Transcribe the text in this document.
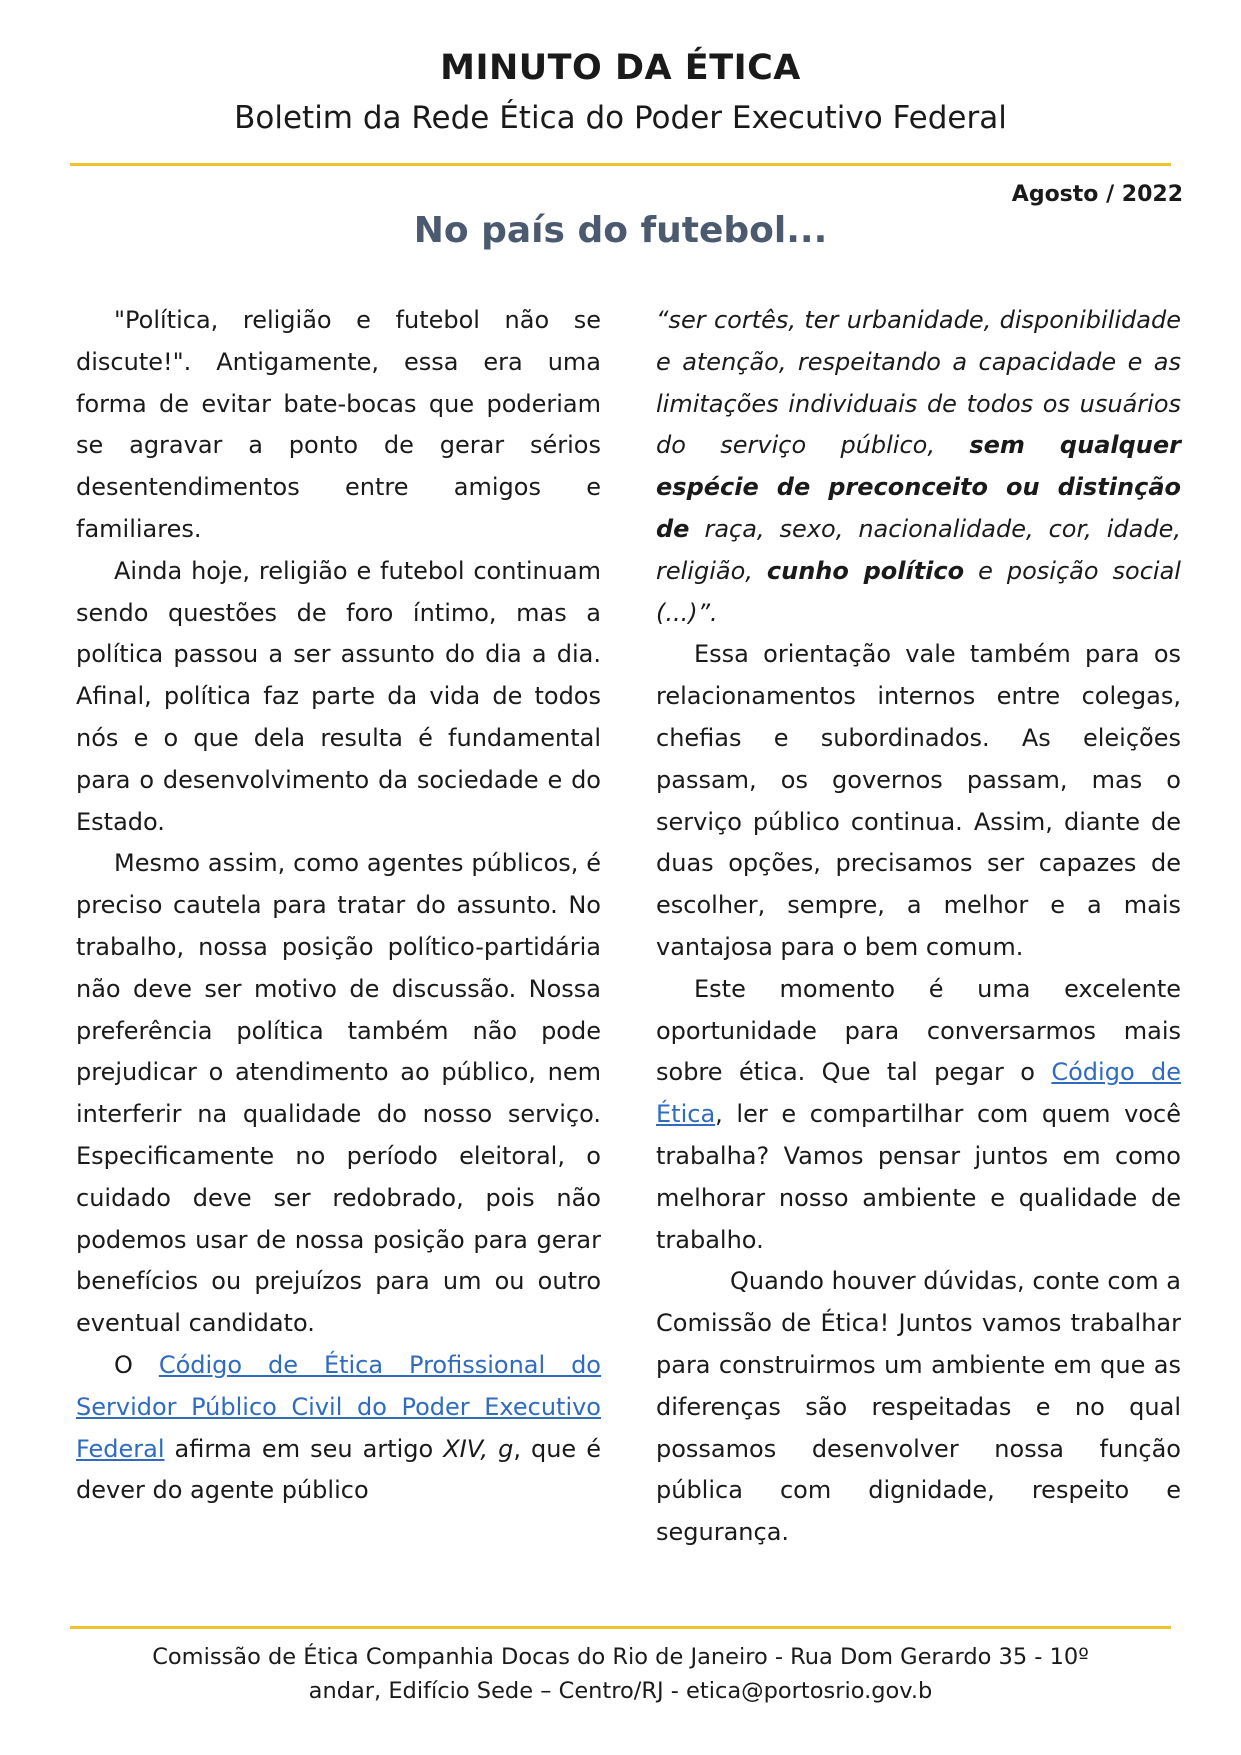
MINUTO DA ÉTICA
Boletim da Rede Ética do Poder Executivo Federal
Agosto / 2022
No país do futebol...

"Política, religião e futebol não se discute!". Antigamente, essa era uma forma de evitar bate-bocas que poderiam se agravar a ponto de gerar sérios desentendimentos entre amigos e familiares.

Ainda hoje, religião e futebol continuam sendo questões de foro íntimo, mas a política passou a ser assunto do dia a dia. Afinal, política faz parte da vida de todos nós e o que dela resulta é fundamental para o desenvolvimento da sociedade e do Estado.

Mesmo assim, como agentes públicos, é preciso cautela para tratar do assunto. No trabalho, nossa posição político-partidária não deve ser motivo de discussão. Nossa preferência política também não pode prejudicar o atendimento ao público, nem interferir na qualidade do nosso serviço. Especificamente no período eleitoral, o cuidado deve ser redobrado, pois não podemos usar de nossa posição para gerar benefícios ou prejuízos para um ou outro eventual candidato.

O Código de Ética Profissional do Servidor Público Civil do Poder Executivo Federal afirma em seu artigo XIV, g, que é dever do agente público

“ser cortês, ter urbanidade, disponibilidade e atenção, respeitando a capacidade e as limitações individuais de todos os usuários do serviço público, sem qualquer espécie de preconceito ou distinção de raça, sexo, nacionalidade, cor, idade, religião, cunho político e posição social (...)”.

Essa orientação vale também para os relacionamentos internos entre colegas, chefias e subordinados. As eleições passam, os governos passam, mas o serviço público continua. Assim, diante de duas opções, precisamos ser capazes de escolher, sempre, a melhor e a mais vantajosa para o bem comum.

Este momento é uma excelente oportunidade para conversarmos mais sobre ética. Que tal pegar o Código de Ética, ler e compartilhar com quem você trabalha? Vamos pensar juntos em como melhorar nosso ambiente e qualidade de trabalho.

Quando houver dúvidas, conte com a Comissão de Ética! Juntos vamos trabalhar para construirmos um ambiente em que as diferenças são respeitadas e no qual possamos desenvolver nossa função pública com dignidade, respeito e segurança.

Comissão de Ética Companhia Docas do Rio de Janeiro - Rua Dom Gerardo 35 - 10º
andar, Edifício Sede – Centro/RJ - etica@portosrio.gov.b
